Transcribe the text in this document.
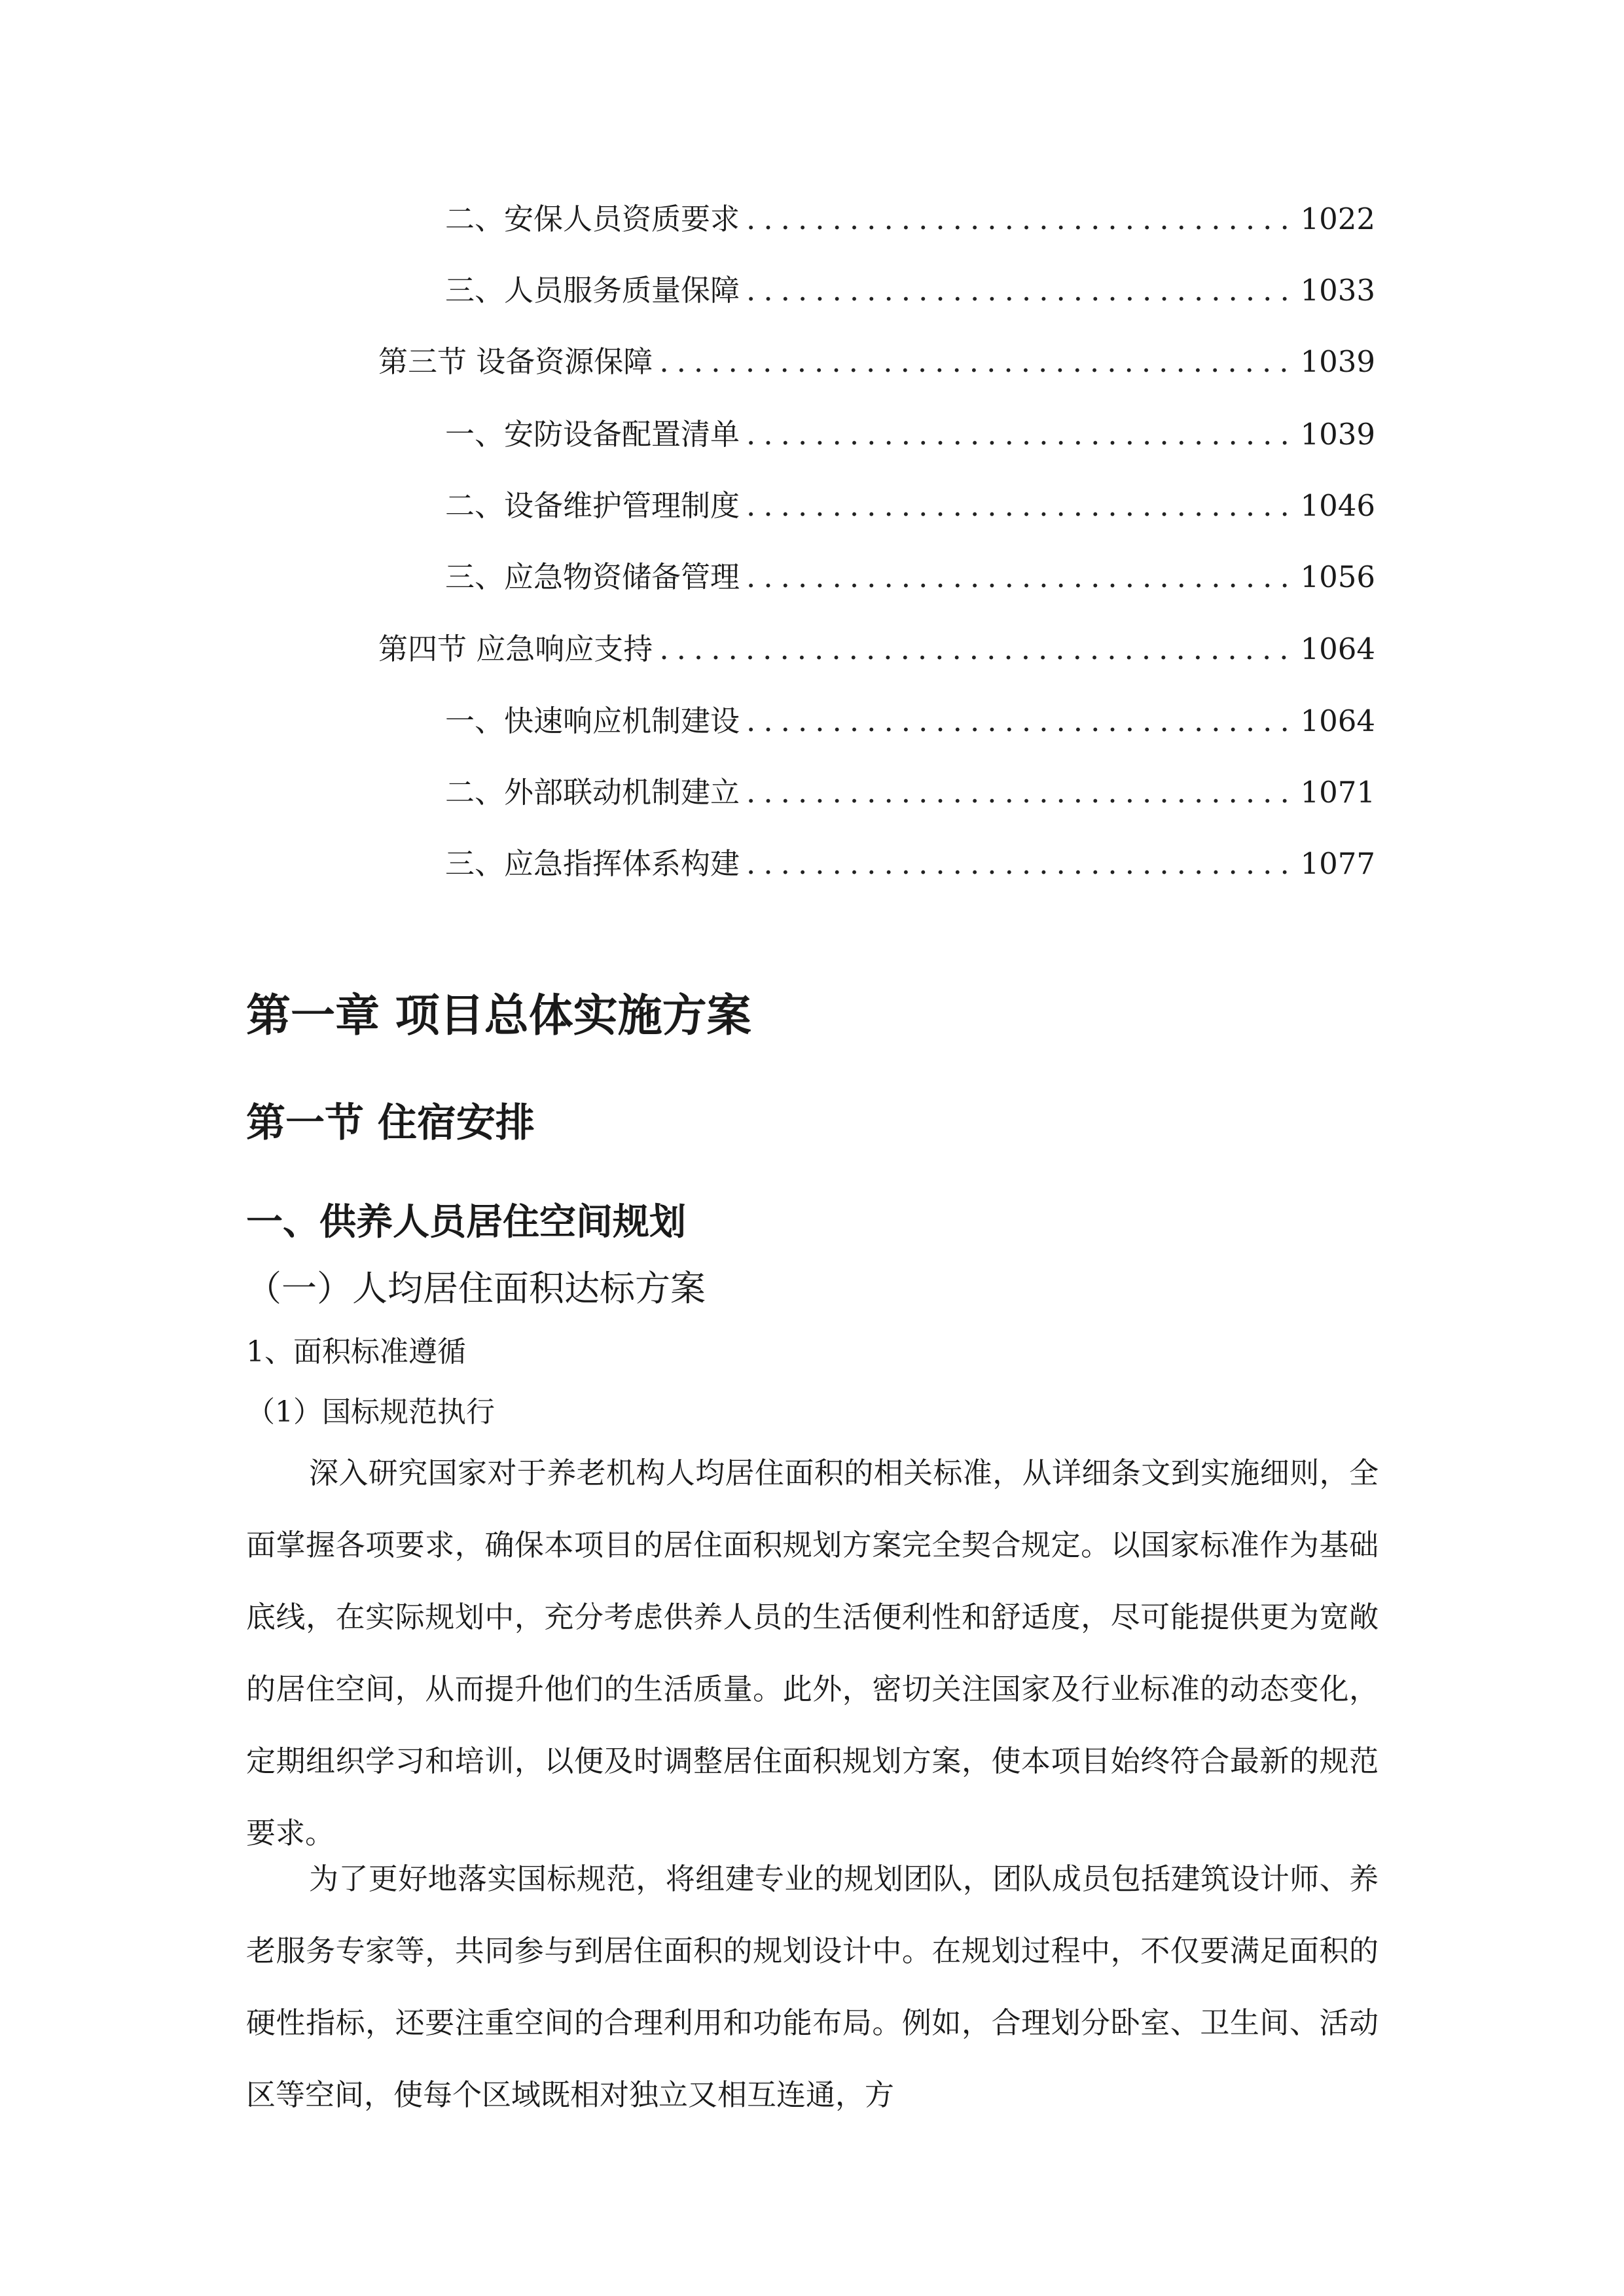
二、 安保人员资质要求 .....	1022
三、 人员服务质量保障 .....	1033
第三节 设备资源保障 .....	1039
一、 安防设备配置清单 .....	1039
二、 设备维护管理制度 .....	1046
三、 应急物资储备管理 .....	1056
第四节 应急响应支持 .....	1064
一、 快速响应机制建设 .....	1064
二、 外部联动机制建立 .....	1071
三、 应急指挥体系构建 .....	1077
第一章 项目总体实施方案
第一节 住宿安排
一、供养人员居住空间规划
（一）人均居住面积达标方案
1、面积标准遵循
（1）国标规范执行

深入研究国家对于养老机构人均居住面积的相关标准，从详细条文到实施细则，全面掌握各项要求，确保本项目的居住面积规划方案完全契合规定。以国家标准作为基础底线，在实际规划中，充分考虑供养人员的生活便利性和舒适度，尽可能提供更为宽敞的居住空间，从而提升他们的生活质量。此外，密切关注国家及行业标准的动态变化，定期组织学习和培训，以便及时调整居住面积规划方案，使本项目始终符合最新的规范要求。

为了更好地落实国标规范，将组建专业的规划团队，团队成员包括建筑设计师、养老服务专家等，共同参与到居住面积的规划设计中。在规划过程中，不仅要满足面积的硬性指标，还要注重空间的合理利用和功能布局。例如，合理划分卧室、卫生间、活动区等空间，使每个区域既相对独立又相互连通，方
